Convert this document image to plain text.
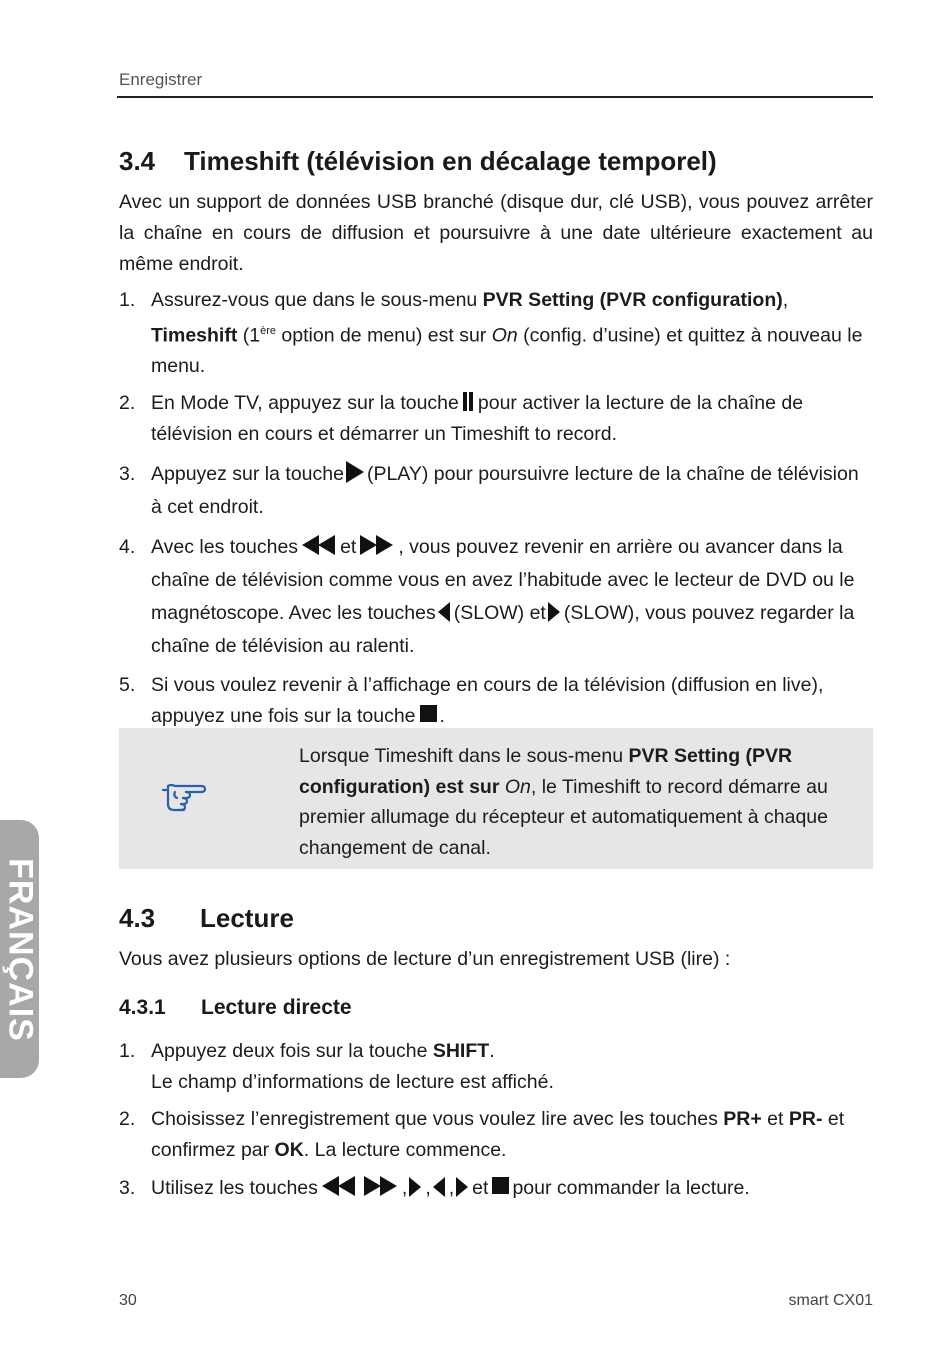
Enregistrer
3.4 Timeshift (télévision en décalage temporel)
Avec un support de données USB branché (disque dur, clé USB), vous pouvez arrêter la chaîne en cours de diffusion et poursuivre à une date ultérieure exactement au même endroit.
1. Assurez-vous que dans le sous-menu PVR Setting (PVR configuration), Timeshift (1ère option de menu) est sur On (config. d’usine) et quittez à nouveau le menu.
2. En Mode TV, appuyez sur la touche pour activer la lecture de la chaîne de télévision en cours et démarrer un Timeshift to record.
3. Appuyez sur la touche (PLAY) pour poursuivre lecture de la chaîne de télévision à cet endroit.
4. Avec les touches et , vous pouvez revenir en arrière ou avancer dans la chaîne de télévision comme vous en avez l’habitude avec le lecteur de DVD ou le magnétoscope. Avec les touches (SLOW) et (SLOW), vous pouvez regarder la chaîne de télévision au ralenti.
5. Si vous voulez revenir à l’affichage en cours de la télévision (diffusion en live), appuyez une fois sur la touche .
Lorsque Timeshift dans le sous-menu PVR Setting (PVR configuration) est sur On, le Timeshift to record démarre au premier allumage du récepteur et automatiquement à chaque changement de canal.
4.3 Lecture
Vous avez plusieurs options de lecture d’un enregistrement USB (lire) :
4.3.1 Lecture directe
1. Appuyez deux fois sur la touche SHIFT.
Le champ d’informations de lecture est affiché.
2. Choisissez l’enregistrement que vous voulez lire avec les touches PR+ et PR- et confirmez par OK. La lecture commence.
3. Utilisez les touches	, , , et pour commander la lecture.
FRANÇAIS
30	smart CX01
